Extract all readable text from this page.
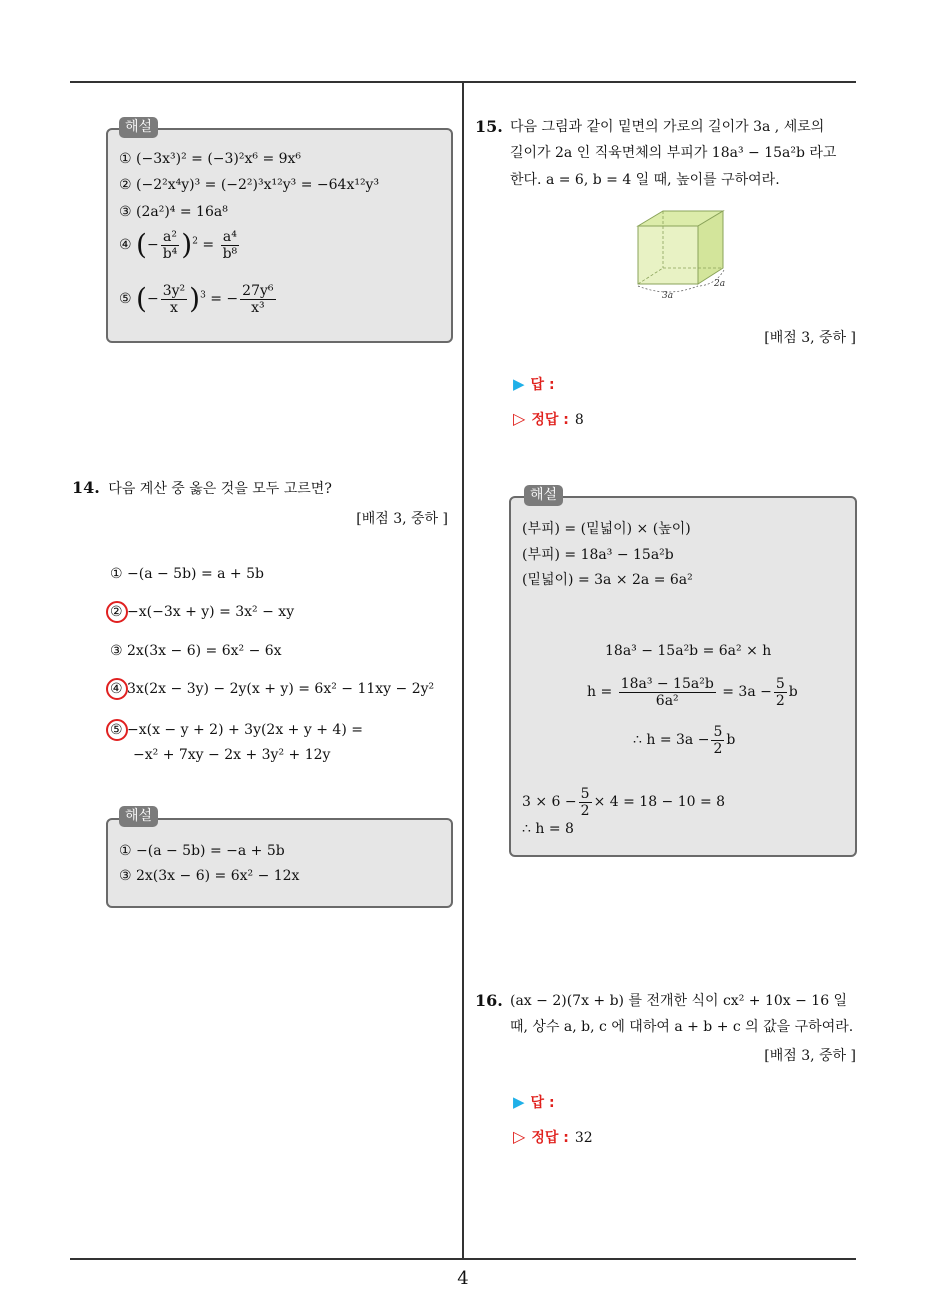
① (−3x³)² = (−3)²x⁶ = 9x⁶
② (−2²x⁴y)³ = (−2²)³x¹²y³ = −64x¹²y³
③ (2a²)⁴ = 16a⁸
④ (− $\frac{\text{a²}}{\text{b⁴}} )^2 = \frac{\text{a⁴}}{\text{b⁸}}$
⑤ (− $\frac{\text{3y²}}{x} )^3$ = − $\frac{\text{27y⁶}}{\text{x³}}$
해설
14. 다음 계산 중 옳은 것을 모두 고르면?
[배점 3, 중하 ]
① −(a − 5b) = a + 5b
② −x(−3x + y) = 3x² − xy
③ 2x(3x − 6) = 6x² − 6x
④ 3x(2x − 3y) − 2y(x + y) = 6x² − 11xy − 2y²
⑤ −x(x − y + 2) + 3y(2x + y + 4) =
−x² + 7xy − 2x + 3y² + 12y
① −(a − 5b) = −a + 5b
③ 2x(3x − 6) = 6x² − 12x
해설
15. 다음 그림과 같이 밑면의 가로의 길이가 3a , 세로의
길이가 2a 인 직육면체의 부피가 18a³ − 15a²b 라고
한다. a = 6, b = 4 일 때, 높이를 구하여라.
3a
2a
[배점 3, 중하 ]
▶ 답 :
▷ 정답 : 8
(부피) = (밑넓이) × (높이)
(부피) = 18a³ − 15a²b
(밑넓이) = 3a × 2a = 6a²
18a³ − 15a²b = 6a² × h
$h = \frac{\text{18a³ − 15a²b}}{\text{6a²}} = 3a - \frac{5}{2}$ b
∴ $h = 3a - \frac{5}{2}$ b
$3 \times 6 - \frac{5}{2} \times 4 = 18 - 10 = 8$
∴ h = 8
해설
16. (ax − 2)(7x + b) 를 전개한 식이 cx² + 10x − 16 일
때, 상수 a, b, c 에 대하여 a + b + c 의 값을 구하여라.
[배점 3, 중하 ]
▶ 답 :
▷ 정답 : 32
4
